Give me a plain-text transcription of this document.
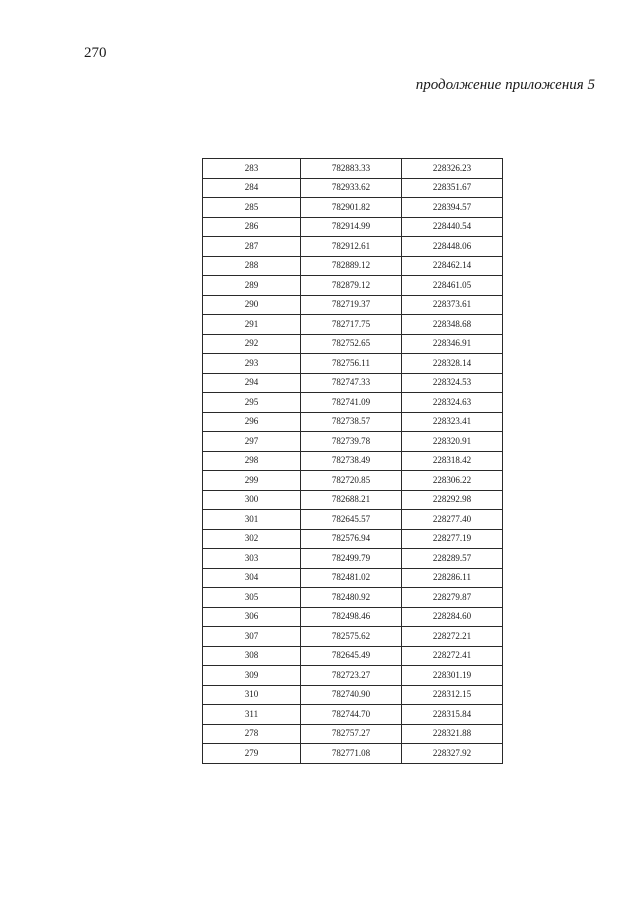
270
продолжение приложения 5
283	782883.33	228326.23
284	782933.62	228351.67
285	782901.82	228394.57
286	782914.99	228440.54
287	782912.61	228448.06
288	782889.12	228462.14
289	782879.12	228461.05
290	782719.37	228373.61
291	782717.75	228348.68
292	782752.65	228346.91
293	782756.11	228328.14
294	782747.33	228324.53
295	782741.09	228324.63
296	782738.57	228323.41
297	782739.78	228320.91
298	782738.49	228318.42
299	782720.85	228306.22
300	782688.21	228292.98
301	782645.57	228277.40
302	782576.94	228277.19
303	782499.79	228289.57
304	782481.02	228286.11
305	782480.92	228279.87
306	782498.46	228284.60
307	782575.62	228272.21
308	782645.49	228272.41
309	782723.27	228301.19
310	782740.90	228312.15
311	782744.70	228315.84
278	782757.27	228321.88
279	782771.08	228327.92
